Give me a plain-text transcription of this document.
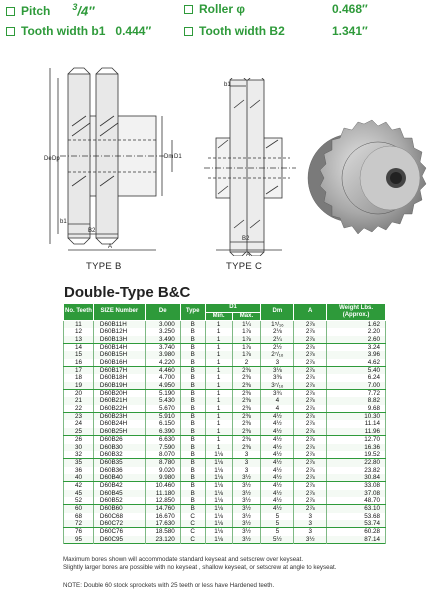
Pitch $^3$/4″	Roller φ	0.468″
Tooth width b1 0.444″	Tooth width B2	1.341″
De Dp	Dm D1
b1
B2
A
TYPE B
b1
B2
A
TYPE C
Double-Type B&C
No. Teeth	SIZE Number	De	Type	D1		Dm	A	Weight Lbs. (Approx.)
				Min.	Max.			
11	D60B11H	3.000	B	1	1¼	1⁵/₁₆	2⅞	1.62
12	D60B12H	3.250	B	1	1⅞	2⅛	2⅞	2.20
13	D60B13H	3.490	B	1	1⅞	2¼	2⅞	2.60
14	D60B14H	3.740	B	1	1⅞	2½	2⅞	3.24
15	D60B15H	3.980	B	1	1⅞	2⁷/₁₆	2⅞	3.96
16	D60B16H	4.220	B	1	2	3	2⅞	4.62
17	D60B17H	4.460	B	1	2⅜	3⅛	2⅞	5.40
18	D60B18H	4.700	B	1	2⅜	3⅜	2⅞	6.24
19	D60B19H	4.950	B	1	2⅜	3⁷/₁₆	2⅞	7.00
20	D60B20H	5.190	B	1	2⅜	3¾	2⅞	7.72
21	D60B21H	5.430	B	1	2⅜	4	2⅞	8.82
22	D60B22H	5.670	B	1	2⅜	4	2⅞	9.68
23	D60B23H	5.910	B	1	2⅜	4½	2⅞	10.30
24	D60B24H	6.150	B	1	2⅜	4½	2⅞	11.14
25	D60B25H	6.390	B	1	2⅜	4½	2⅞	11.96
26	D60B26	6.630	B	1	2⅜	4½	2⅞	12.70
30	D60B30	7.590	B	1	2⅜	4½	2⅞	16.36
32	D60B32	8.070	B	1⅛	3	4½	2⅞	19.52
35	D60B35	8.780	B	1⅛	3	4½	2⅞	22.80
36	D60B36	9.020	B	1⅛	3	4½	2⅞	23.82
40	D60B40	9.980	B	1⅛	3½	4½	2⅞	30.84
42	D60B42	10.460	B	1⅛	3½	4½	2⅞	33.08
45	D60B45	11.180	B	1⅛	3½	4½	2⅞	37.08
52	D60B52	12.850	B	1⅛	3½	4½	2⅞	48.70
60	D60B60	14.760	B	1⅛	3½	4½	2⅞	63.10
68	D60C68	16.670	C	1⅛	3½	5	3	53.68
72	D60C72	17.630	C	1⅛	3½	5	3	53.74
76	D60C76	18.580	C	1⅛	3½	5	3	60.28
95	D60C95	23.120	C	1⅛	3½	5½	3½	87.14
Maximum bores shown will accommodate standard keyseat and setscrew over keyseat.
Slightly larger bores are possible with no keyseat , shallow keyseat, or setscrew at angle to keyseat.
NOTE: Double 60 stock sprockets with 25 teeth or less have Hardened teeth.
